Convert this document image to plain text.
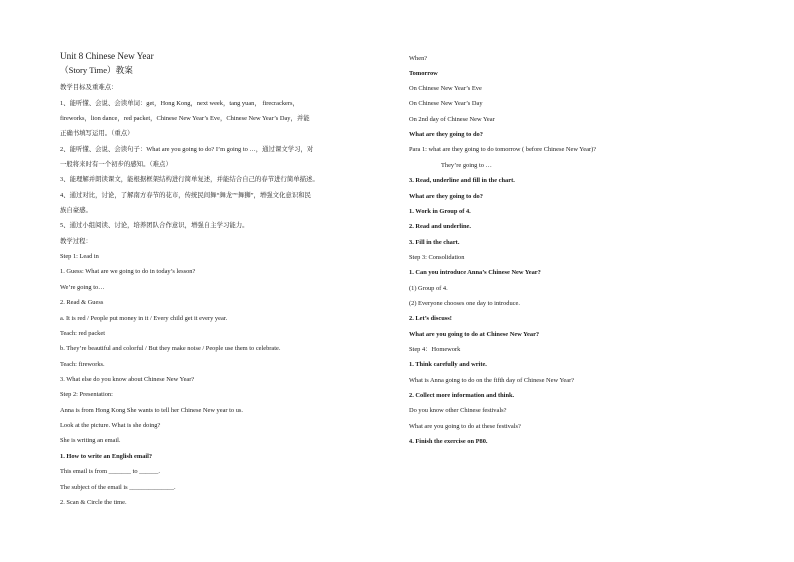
Unit 8 Chinese New Year
（Story Time）教案
教学目标及重难点：
1、能听懂、会说、会读单词：get，Hong Kong，next week，tang yuan， firecrackers，
fireworks，lion dance，red packet，Chinese New Year’s Eve，Chinese New Year’s Day，并能
正确书填写运用。（重点）
2、能听懂、会说、会读句子：What are you going to do? I’m going to …，通过课文学习，对
一般将来时有一个初步的感知。（难点）
3、能理解并朗读课文，能根据框架结构进行简单复述，并能结合自己的春节进行简单描述。
4、通过对比，讨论，了解南方春节的花市，传统民间舞“舞龙”“舞狮”，增强文化意识和民
族自豪感。
5、通过小组阅读、讨论，培养团队合作意识，增强自主学习能力。
教学过程：
Step 1: Lead in
1. Guess: What are we going to do in today’s lesson?
We’re going to…
2. Read & Guess
a. It is red / People put money in it / Every child get it every year.
Teach: red packet
b. They’re beautiful and colorful / But they make noise / People use them to celebrate.
Teach: fireworks.
3. What else do you know about Chinese New Year?
Step 2: Presentation:
Anna is from Hong Kong She wants to tell her Chinese New year to us.
Look at the picture. What is she doing?
She is writing an email.
1. How to write an English email?
This email is from _______ to ______.
The subject of the email is ______________.
2. Scan & Circle the time.
When?
Tomorrow
On Chinese New Year’s Eve
On Chinese New Year’s Day
On 2nd day of Chinese New Year
What are they going to do?
Para 1: what are they going to do tomorrow ( before Chinese New Year)?
They’re going to …
3. Read, underline and fill in the chart.
What are they going to do?
1. Work in Group of 4.
2. Read and underline.
3. Fill in the chart.
Step 3: Consolidation
1. Can you introduce Anna’s Chinese New Year?
(1) Group of 4.
(2) Everyone chooses one day to introduce.
2. Let’s discuss!
What are you going to do at Chinese New Year?
Step 4：Homework
1. Think carefully and write.
What is Anna going to do on the fifth day of Chinese New Year?
2. Collect more information and think.
Do you know other Chinese festivals?
What are you going to do at these festivals?
4. Finish the exercise on P80.
